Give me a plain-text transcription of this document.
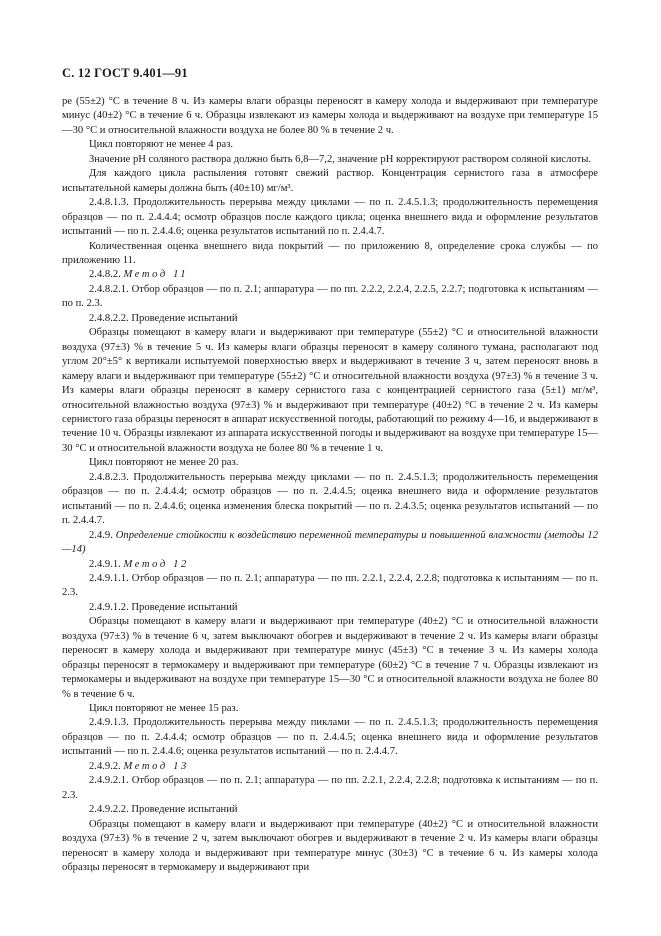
С. 12 ГОСТ 9.401—91

ре (55±2) °С в течение 8 ч. Из камеры влаги образцы переносят в камеру холода и выдерживают при температуре минус (40±2) °С в течение 6 ч. Образцы извлекают из камеры холода и выдерживают на воздухе при температуре 15—30 °С и относительной влажности воздуха не более 80 % в течение 2 ч.

Цикл повторяют не менее 4 раз.

Значение pH соляного раствора должно быть 6,8—7,2, значение pH корректируют раствором соляной кислоты.

Для каждого цикла распыления готовят свежий раствор. Концентрация сернистого газа в атмосфере испытательной камеры должна быть (40±10) мг/м³.

2.4.8.1.3. Продолжительность перерыва между циклами — по п. 2.4.5.1.3; продолжительность перемещения образцов — по п. 2.4.4.4; осмотр образцов после каждого цикла; оценка внешнего вида и оформление результатов испытаний — по п. 2.4.4.6; оценка результатов испытаний по п. 2.4.4.7.

Количественная оценка внешнего вида покрытий — по приложению 8, определение срока службы — по приложению 11.

2.4.8.2. Метод 11

2.4.8.2.1. Отбор образцов — по п. 2.1; аппаратура — по пп. 2.2.2, 2.2.4, 2.2.5, 2.2.7; подготовка к испытаниям — по п. 2.3.

2.4.8.2.2. Проведение испытаний

Образцы помещают в камеру влаги и выдерживают при температуре (55±2) °С и относительной влажности воздуха (97±3) % в течение 5 ч. Из камеры влаги образцы переносят в камеру соляного тумана, располагают под углом 20°±5° к вертикали испытуемой поверхностью вверх и выдерживают в течение 3 ч, затем переносят вновь в камеру влаги и выдерживают при температуре (55±2) °С и относительной влажности воздуха (97±3) % в течение 3 ч. Из камеры влаги образцы переносят в камеру сернистого газа с концентрацией сернистого газа (5±1) мг/м³, относительной влажностью воздуха (97±3) % и выдерживают при температуре (40±2) °С в течение 2 ч. Из камеры сернистого газа образцы переносят в аппарат искусственной погоды, работающий по режиму 4—16, и выдерживают в течение 10 ч. Образцы извлекают из аппарата искусственной погоды и выдерживают на воздухе при температуре 15—30 °С и относительной влажности воздуха не более 80 % в течение 1 ч.

Цикл повторяют не менее 20 раз.

2.4.8.2.3. Продолжительность перерыва между циклами — по п. 2.4.5.1.3; продолжительность перемещения образцов — по п. 2.4.4.4; осмотр образцов — по п. 2.4.4.5; оценка внешнего вида и оформление результатов испытаний — по п. 2.4.4.6; оценка изменения блеска покрытий — по п. 2.4.3.5; оценка результатов испытаний — по п. 2.4.4.7.

2.4.9. Определение стойкости к воздействию переменной температуры и повышенной влажности (методы 12—14)

2.4.9.1. Метод 12

2.4.9.1.1. Отбор образцов — по п. 2.1; аппаратура — по пп. 2.2.1, 2.2.4, 2.2.8; подготовка к испытаниям — по п. 2.3.

2.4.9.1.2. Проведение испытаний

Образцы помещают в камеру влаги и выдерживают при температуре (40±2) °С и относительной влажности воздуха (97±3) % в течение 6 ч, затем выключают обогрев и выдерживают в течение 2 ч. Из камеры влаги образцы переносят в камеру холода и выдерживают при температуре минус (45±3) °С в течение 3 ч. Из камеры холода образцы переносят в термокамеру и выдерживают при температуре (60±2) °С в течение 7 ч. Образцы извлекают из термокамеры и выдерживают на воздухе при температуре 15—30 °С и относительной влажности воздуха не более 80 % в течение 6 ч.

Цикл повторяют не менее 15 раз.

2.4.9.1.3. Продолжительность перерыва между пиклами — по п. 2.4.5.1.3; продолжительность перемещения образцов — по п. 2.4.4.4; осмотр образцов — по п. 2.4.4.5; оценка внешнего вида и оформление результатов испытаний — по п. 2.4.4.6; оценка результатов испытаний — по п. 2.4.4.7.

2.4.9.2. Метод 13

2.4.9.2.1. Отбор образцов — по п. 2.1; аппаратура — по пп. 2.2.1, 2.2.4, 2.2.8; подготовка к испытаниям — по п. 2.3.

2.4.9.2.2. Проведение испытаний

Образцы помещают в камеру влаги и выдерживают при температуре (40±2) °С и относительной влажности воздуха (97±3) % в течение 2 ч, затем выключают обогрев и выдерживают в течение 2 ч. Из камеры влаги образцы переносят в камеру холода и выдерживают при температуре минус (30±3) °С в течение 6 ч. Из камеры холода образцы переносят в термокамеру и выдерживают при
